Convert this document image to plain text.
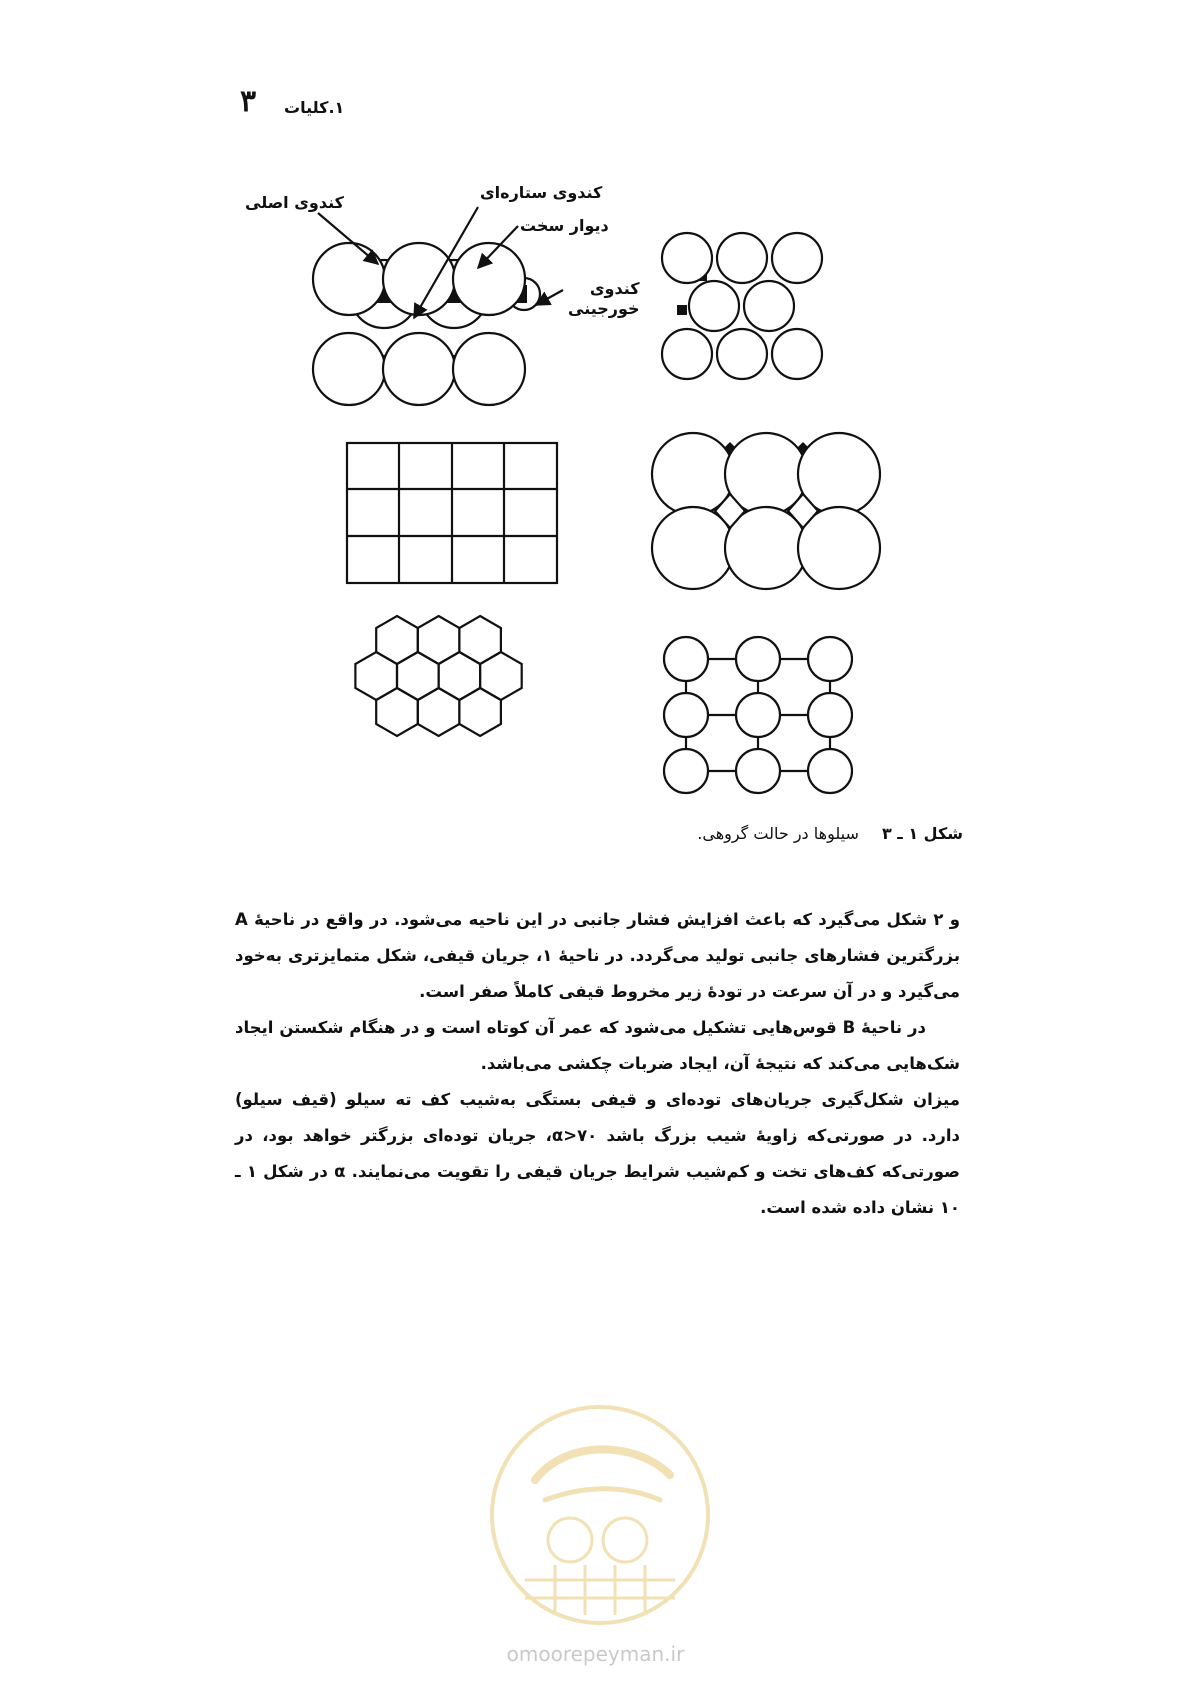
۳ ۱.کلیات
کندوی اصلی
کندوی ستاره‌ای
دیوار سخت
کندوی
خورجینی
شکل ۱ ـ ۳ سیلوها در حالت گروهی.

و ۲ شکل می‌گیرد که باعث افزایش فشار جانبی در این ناحیه می‌شود. در واقع در ناحیهٔ A بزرگترین فشارهای جانبی تولید می‌گردد. در ناحیهٔ ۱، جریان قیفی، شکل متمایزتری به‌خود می‌گیرد و در آن سرعت در تودهٔ زیر مخروط قیفی کاملاً صفر است.

در ناحیهٔ B قوس‌هایی تشکیل می‌شود که عمر آن کوتاه است و در هنگام شکستن ایجاد شک‌هایی می‌کند که نتیجهٔ آن، ایجاد ضربات چکشی می‌باشد.

میزان شکل‌گیری جریان‌های توده‌ای و قیفی بستگی به‌شیب کف ته سیلو (قیف سیلو) دارد. در صورتی‌که زاویهٔ شیب بزرگ باشد α>۷۰، جریان توده‌ای بزرگتر خواهد بود، در صورتی‌که کف‌های تخت و کم‌شیب شرایط جریان قیفی را تقویت می‌نمایند. α در شکل ۱ ـ ۱۰ نشان داده شده است.

omoorepeyman.ir
